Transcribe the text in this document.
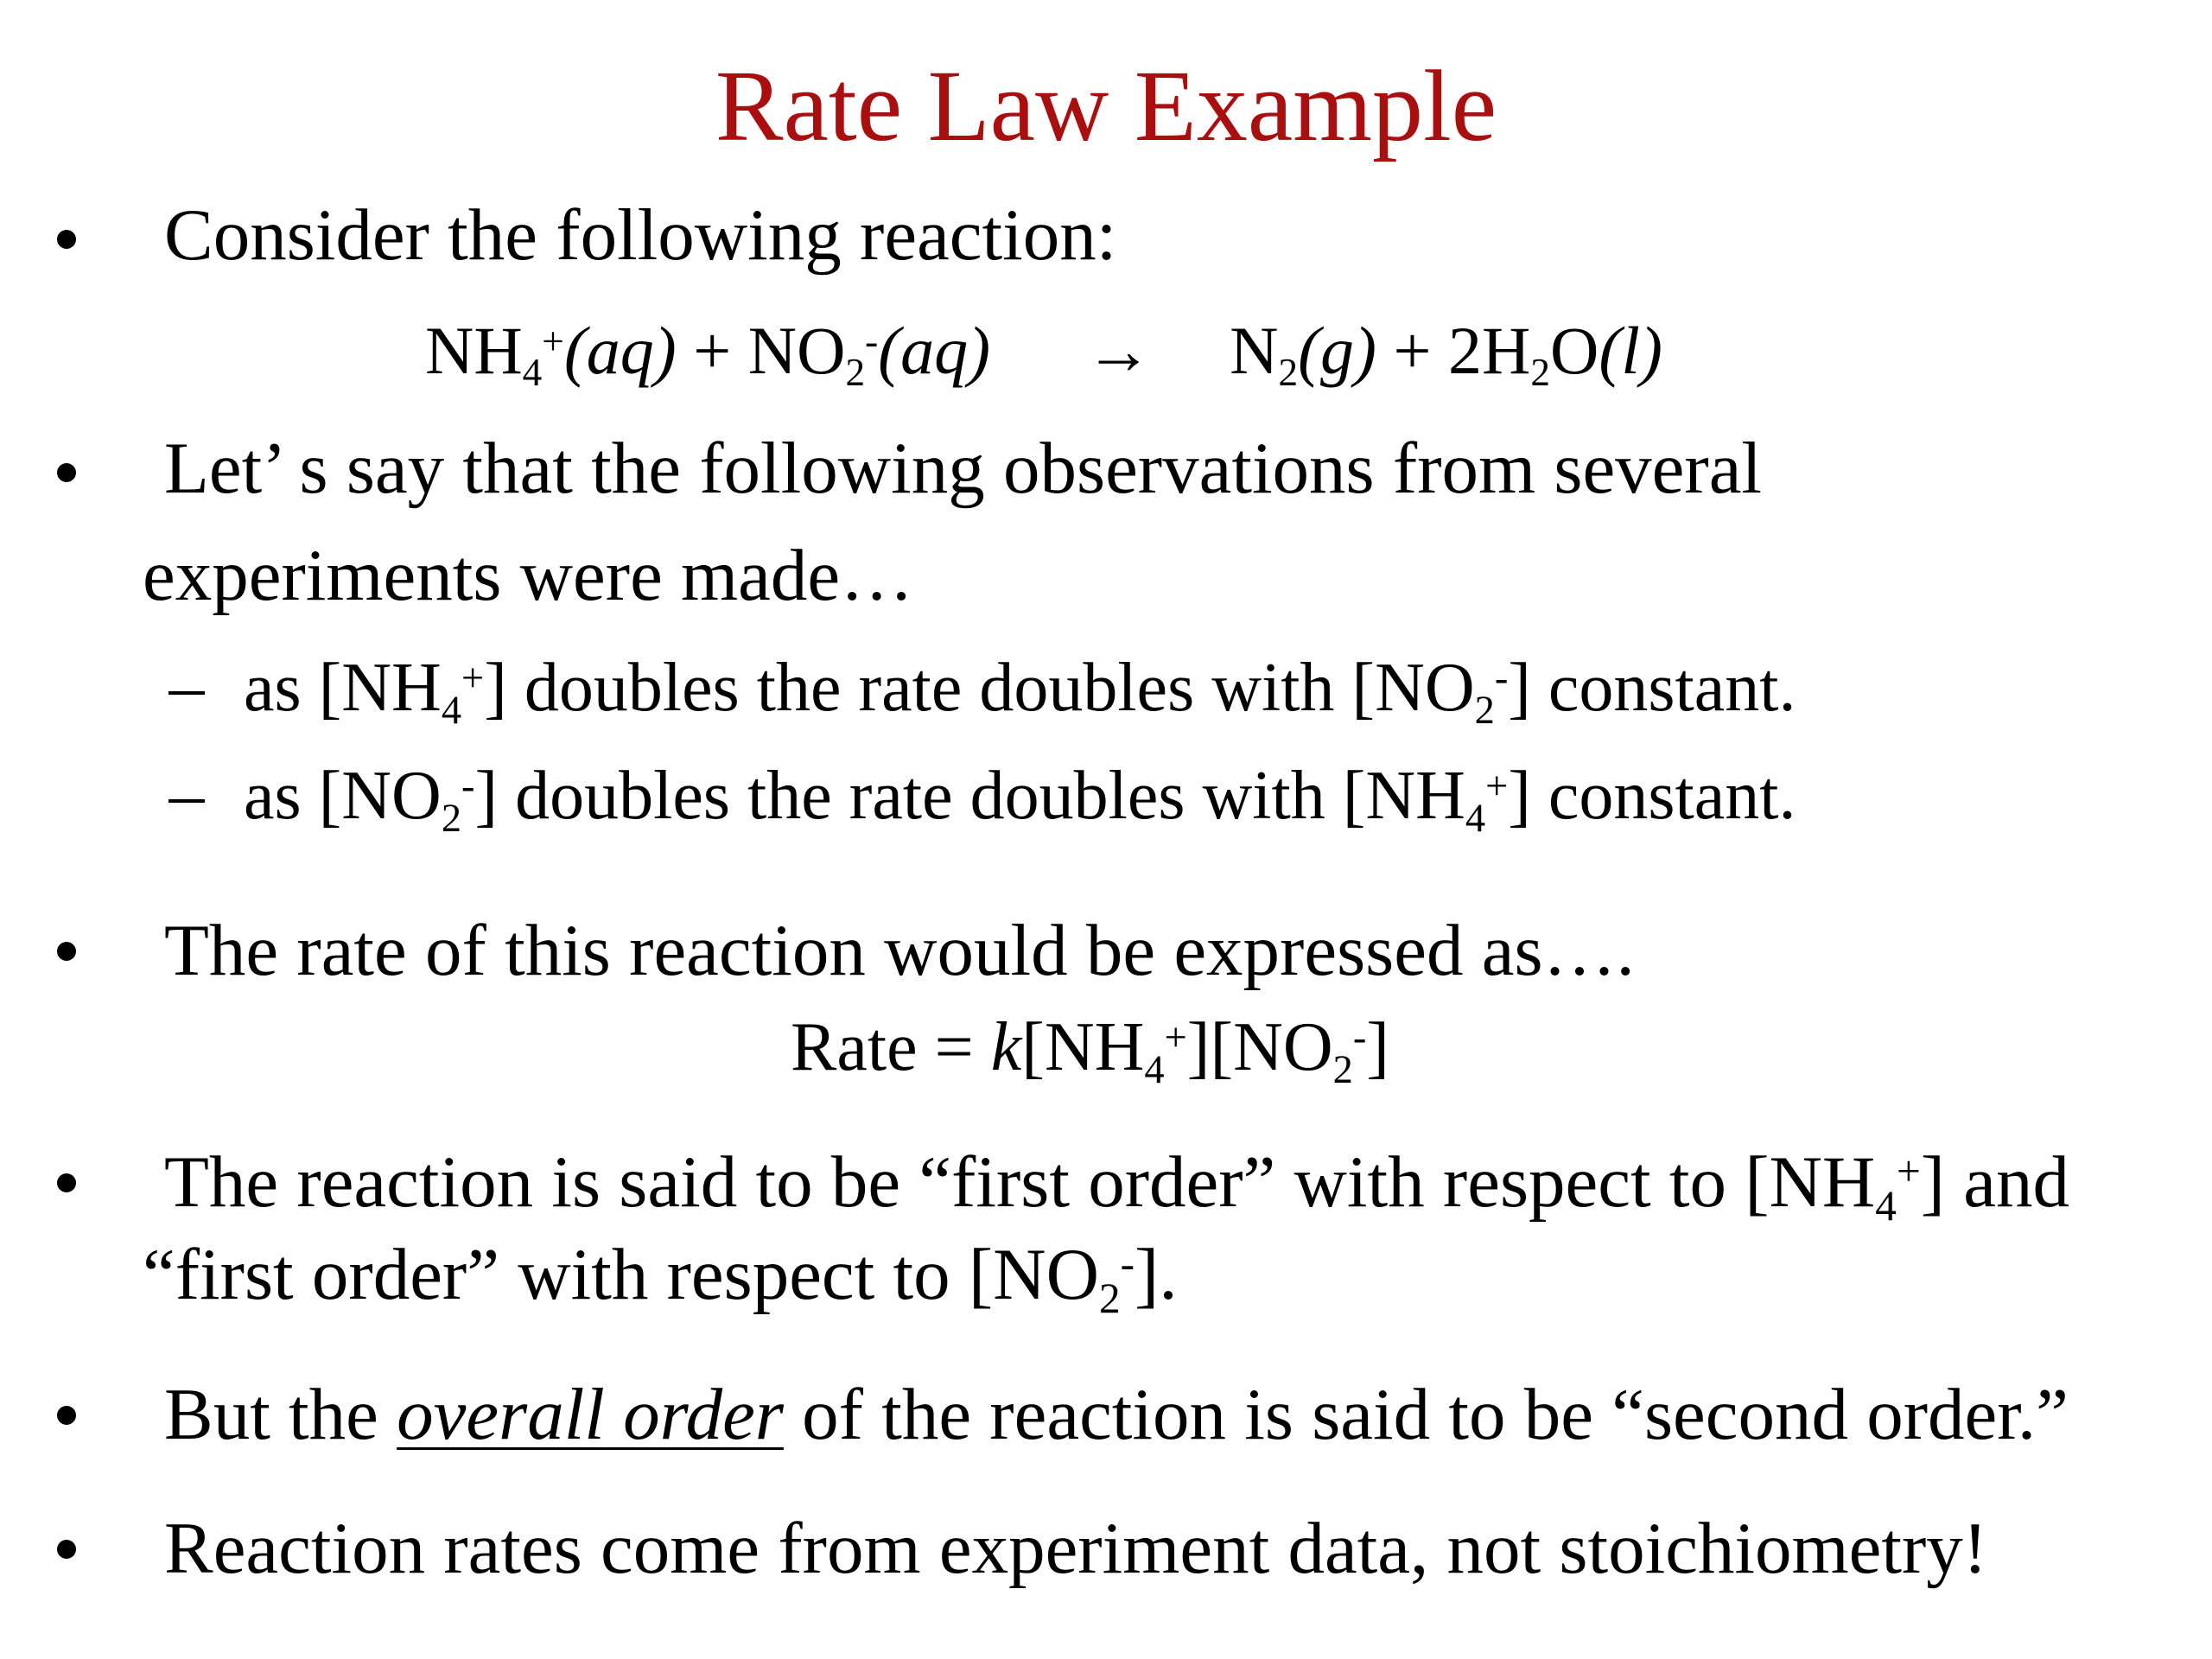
Rate Law Example
Consider the following reaction:
$NH_4^+(aq) + NO_2^-(aq) \to N_2(g) + 2H_2O(l)$
Let’ s say that the following observations from several
experiments were made…
as $[NH_4^+]$ doubles the rate doubles with $[NO_2^-]$ constant.
as $[NO_2^-]$ doubles the rate doubles with $[NH_4^+]$ constant.
The rate of this reaction would be expressed as….
Rate = $k[NH_4^+][NO_2^-]$
The reaction is said to be “first order” with respect to $[NH_4^+]$ and
“first order” with respect to $[NO_2^-]$.
But the overall order of the reaction is said to be “second order.”
Reaction rates come from experiment data, not stoichiometry!
